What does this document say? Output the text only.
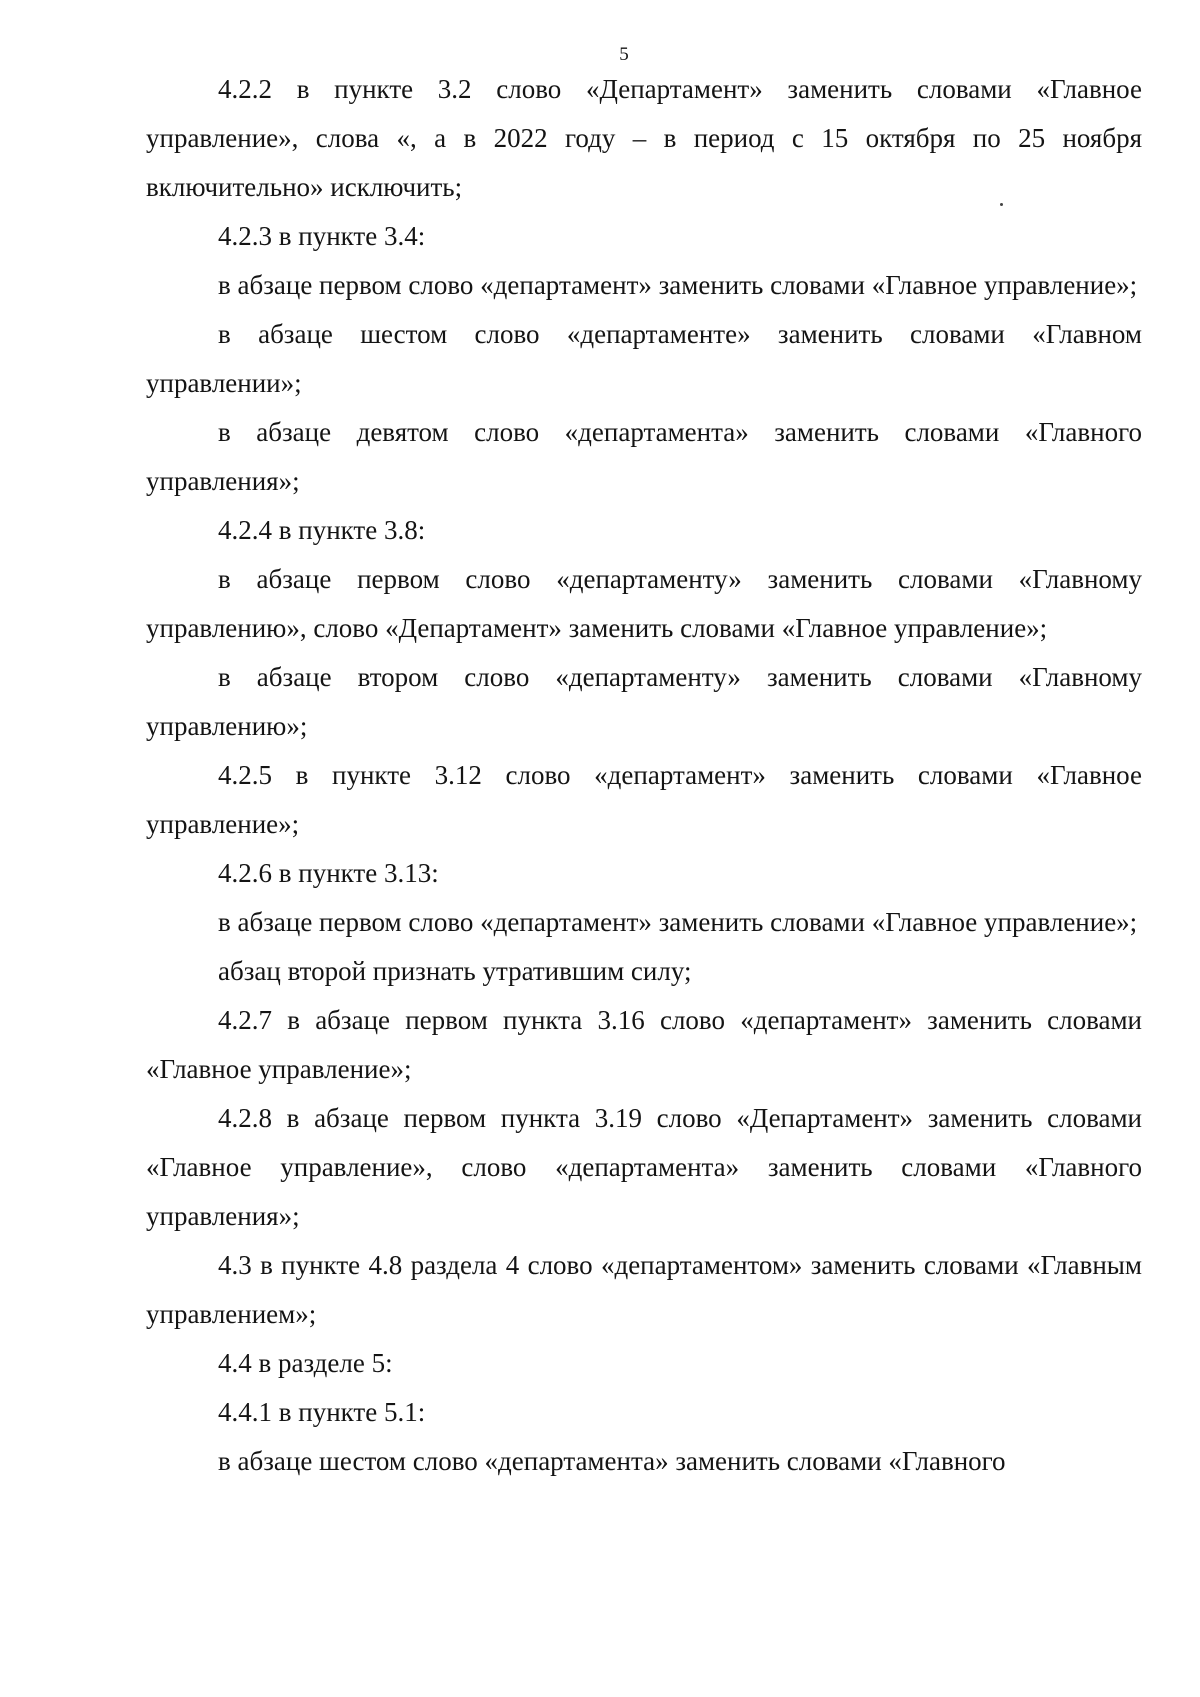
5

4.2.2 в пункте 3.2 слово «Департамент» заменить словами «Главное управление», слова «, а в 2022 году – в период с 15 октября по 25 ноября включительно» исключить;

4.2.3 в пункте 3.4:

в абзаце первом слово «департамент» заменить словами «Главное управление»;

в абзаце шестом слово «департаменте» заменить словами «Главном управлении»;

в абзаце девятом слово «департамента» заменить словами «Главного управления»;

4.2.4 в пункте 3.8:

в абзаце первом слово «департаменту» заменить словами «Главному управлению», слово «Департамент» заменить словами «Главное управление»;

в абзаце втором слово «департаменту» заменить словами «Главному управлению»;

4.2.5 в пункте 3.12 слово «департамент» заменить словами «Главное управление»;

4.2.6 в пункте 3.13:

в абзаце первом слово «департамент» заменить словами «Главное управление»;

абзац второй признать утратившим силу;

4.2.7 в абзаце первом пункта 3.16 слово «департамент» заменить словами «Главное управление»;

4.2.8 в абзаце первом пункта 3.19 слово «Департамент» заменить словами «Главное управление», слово «департамента» заменить словами «Главного управления»;

4.3 в пункте 4.8 раздела 4 слово «департаментом» заменить словами «Главным управлением»;

4.4 в разделе 5:

4.4.1 в пункте 5.1:

в абзаце шестом слово «департамента» заменить словами «Главного
